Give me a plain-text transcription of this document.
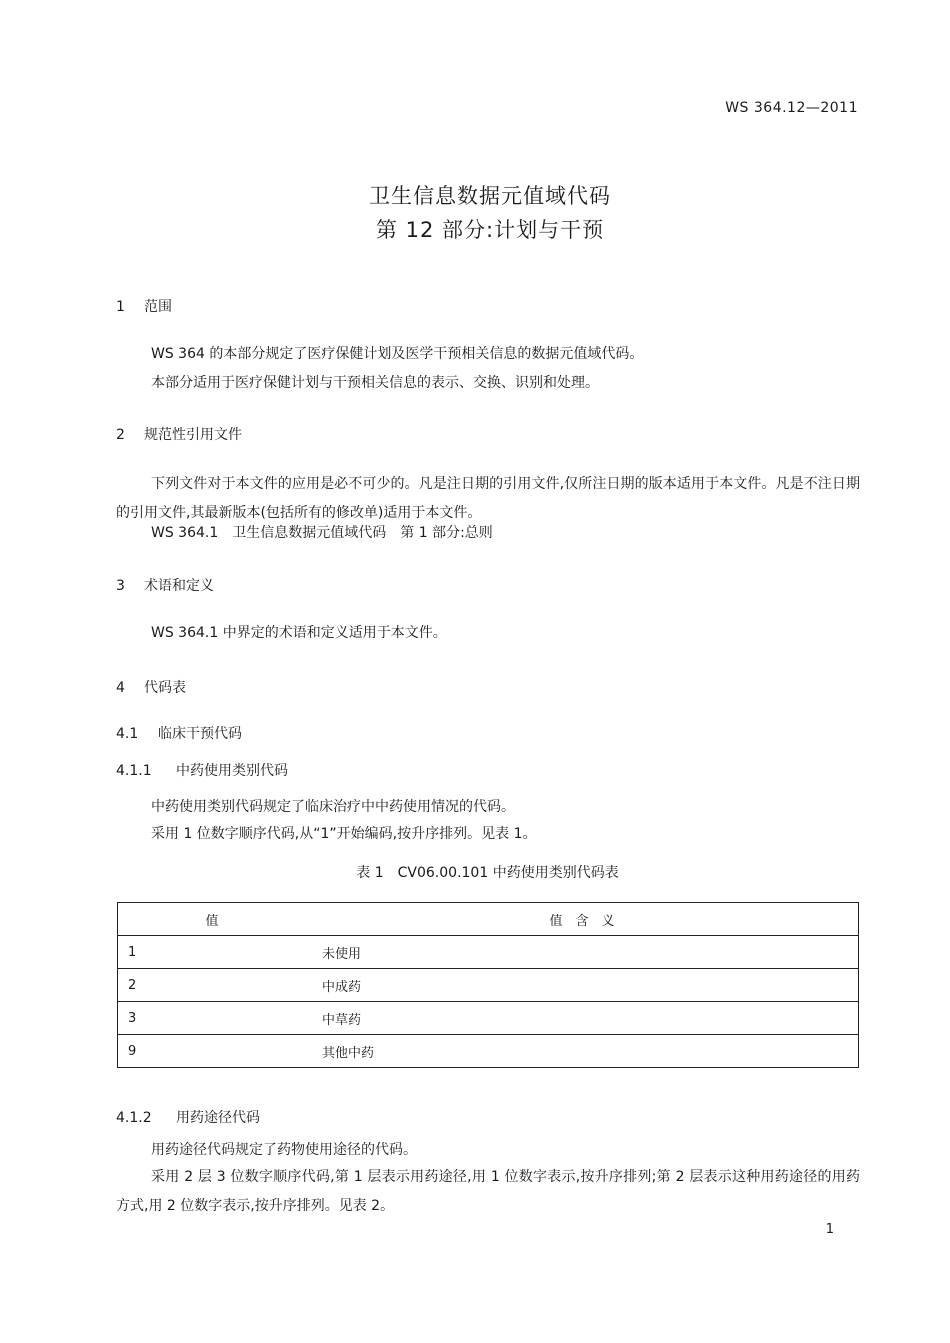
WS 364.12—2011
卫生信息数据元值域代码
第 12 部分:计划与干预
1 范围
WS 364 的本部分规定了医疗保健计划及医学干预相关信息的数据元值域代码。
本部分适用于医疗保健计划与干预相关信息的表示、交换、识别和处理。
2 规范性引用文件
下列文件对于本文件的应用是必不可少的。凡是注日期的引用文件,仅所注日期的版本适用于本文件。凡是不注日期的引用文件,其最新版本(包括所有的修改单)适用于本文件。
WS 364.1　卫生信息数据元值域代码　第 1 部分:总则
3 术语和定义
WS 364.1 中界定的术语和定义适用于本文件。
4 代码表
4.1 临床干预代码
4.1.1 中药使用类别代码
中药使用类别代码规定了临床治疗中中药使用情况的代码。
采用 1 位数字顺序代码,从“1”开始编码,按升序排列。见表 1。
表 1　CV06.00.101 中药使用类别代码表
值	值　含　义
1	未使用
2	中成药
3	中草药
9	其他中药
4.1.2 用药途径代码
用药途径代码规定了药物使用途径的代码。
采用 2 层 3 位数字顺序代码,第 1 层表示用药途径,用 1 位数字表示,按升序排列;第 2 层表示这种用药途径的用药方式,用 2 位数字表示,按升序排列。见表 2。
1
